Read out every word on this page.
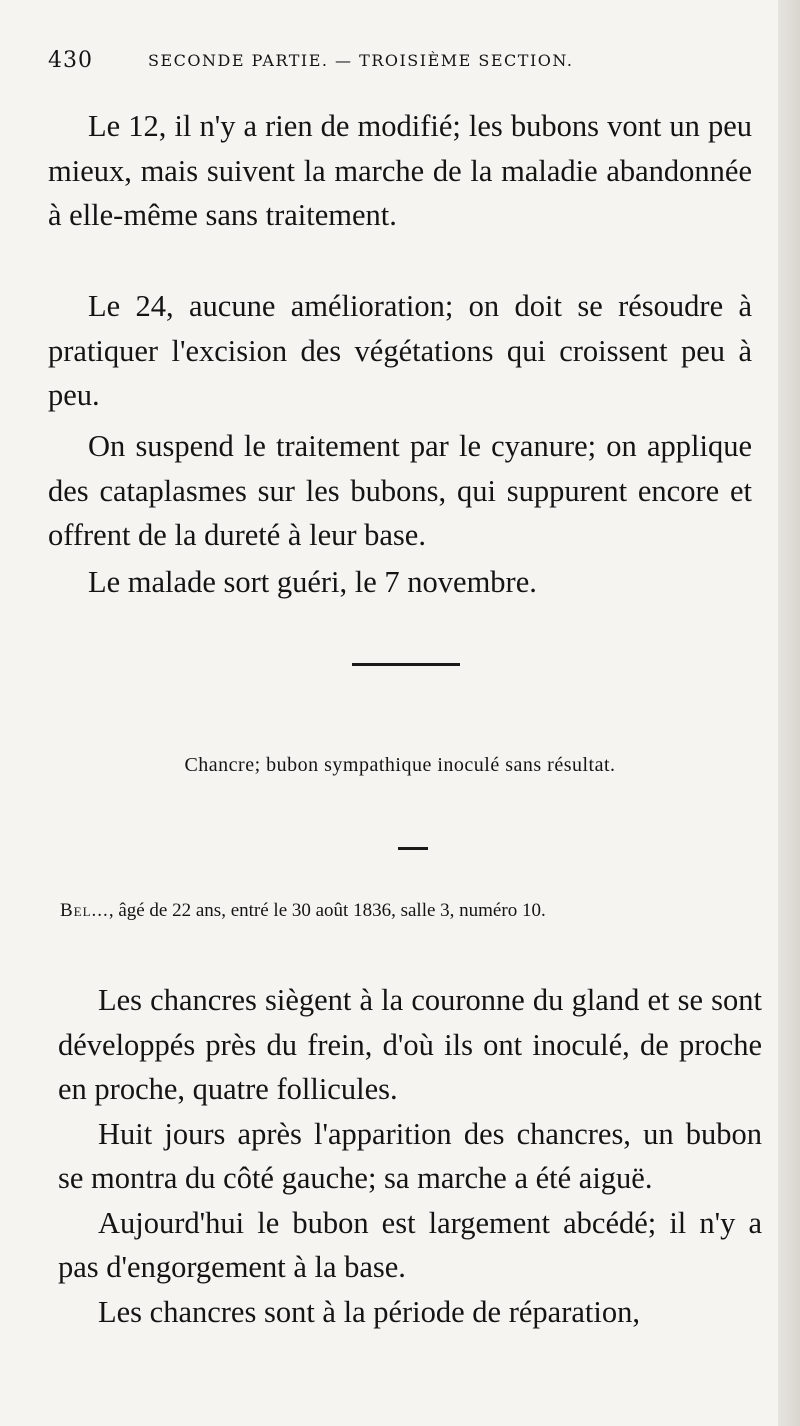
430	SECONDE PARTIE. — TROISIÈME SECTION.

Le 12, il n'y a rien de modifié; les bubons vont un peu mieux, mais suivent la marche de la maladie abandonnée à elle-même sans traitement.

Le 24, aucune amélioration; on doit se résoudre à pratiquer l'excision des végétations qui croissent peu à peu.

On suspend le traitement par le cyanure; on applique des cataplasmes sur les bubons, qui suppurent encore et offrent de la dureté à leur base.

Le malade sort guéri, le 7 novembre.

Chancre; bubon sympathique inoculé sans résultat.
Bel..., âgé de 22 ans, entré le 30 août 1836, salle 3, numéro 10.

Les chancres siègent à la couronne du gland et se sont développés près du frein, d'où ils ont inoculé, de proche en proche, quatre follicules.

Huit jours après l'apparition des chancres, un bubon se montra du côté gauche; sa marche a été aiguë.

Aujourd'hui le bubon est largement abcédé; il n'y a pas d'engorgement à la base.

Les chancres sont à la période de réparation,
